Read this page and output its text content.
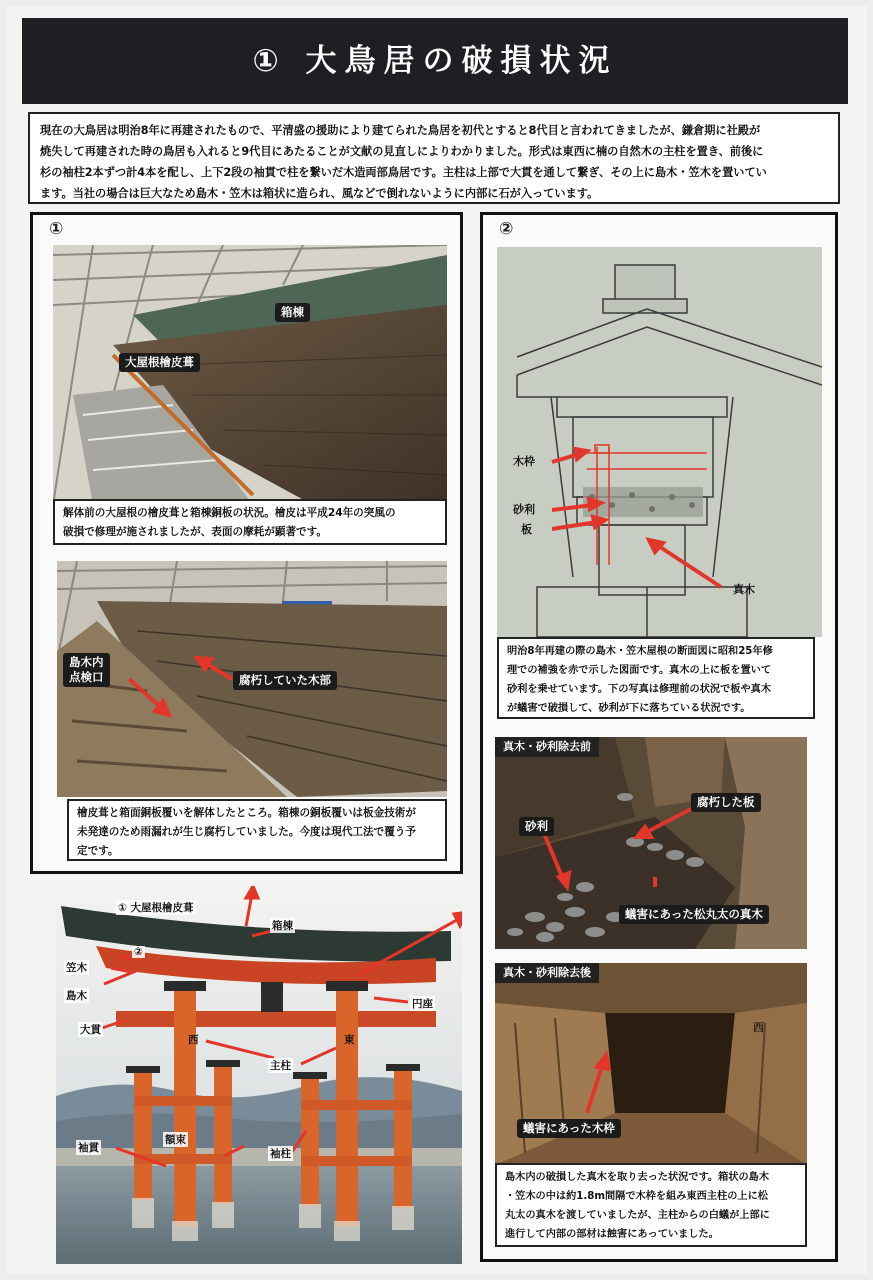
① 大鳥居の破損状況
現在の大鳥居は明治8年に再建されたもので、平清盛の援助により建てられた鳥居を初代とすると8代目と言われてきましたが、鎌倉期に社殿が
焼失して再建された時の鳥居も入れると9代目にあたることが文献の見直しによりわかりました。形式は東西に楠の自然木の主柱を置き、前後に
杉の袖柱2本ずつ計4本を配し、上下2段の袖貫で柱を繋いだ木造両部鳥居です。主柱は上部で大貫を通して繋ぎ、その上に島木・笠木を置いてい
ます。当社の場合は巨大なため島木・笠木は箱状に造られ、風などで倒れないように内部に石が入っています。
①
箱棟
大屋根檜皮葺
解体前の大屋根の檜皮葺と箱棟銅板の状況。檜皮は平成24年の突風の
破損で修理が施されましたが、表面の摩耗が顕著です。
島木内
点検口	腐朽していた木部
檜皮葺と箱面銅板覆いを解体したところ。箱棟の銅板覆いは板金技術が
未発達のため雨漏れが生じ腐朽していました。今度は現代工法で覆う予
定です。
① 大屋根檜皮葺
箱棟
②
笠木
島木
円座
大貫
西	東
主柱
袖貫
額束
袖柱
②
木枠
砂利
板
真木
明治8年再建の際の島木・笠木屋根の断面図に昭和25年修
理での補強を赤で示した図面です。真木の上に板を置いて
砂利を乗せています。下の写真は修理前の状況で板や真木
が蟻害で破損して、砂利が下に落ちている状況です。
真木・砂利除去前
腐朽した板
砂利
蟻害にあった松丸太の真木
真木・砂利除去後
蟻害にあった木枠
西
島木内の破損した真木を取り去った状況です。箱状の島木
・笠木の中は約1.8m間隔で木枠を組み東西主柱の上に松
丸太の真木を渡していましたが、主柱からの白蟻が上部に
進行して内部の部材は蝕害にあっていました。
